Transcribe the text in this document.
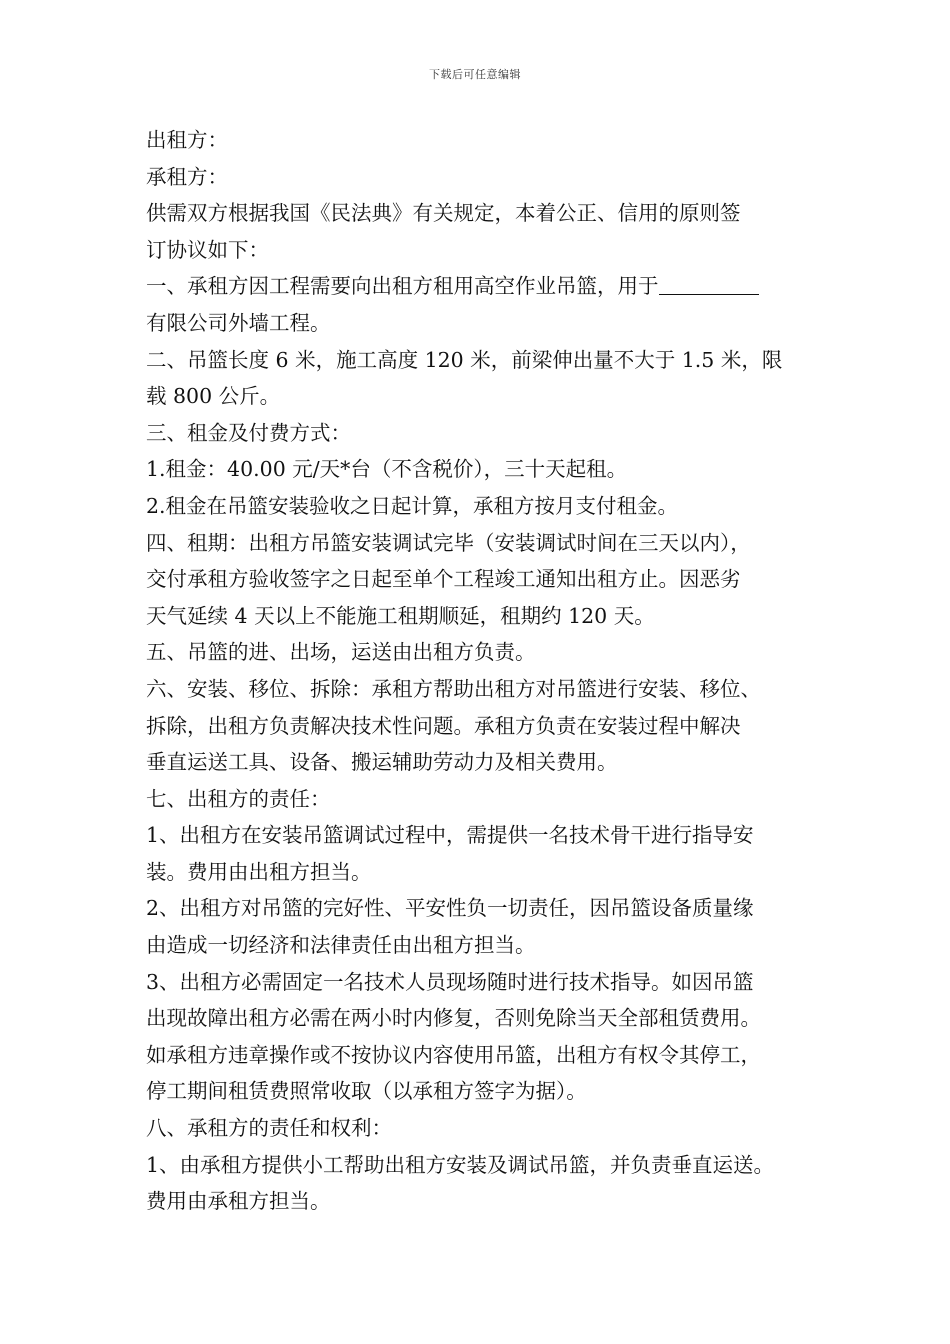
下载后可任意编辑
出租方：
承租方：
供需双方根据我国《民法典》有关规定，本着公正、信用的原则签
订协议如下：
一、承租方因工程需要向出租方租用高空作业吊篮，用于
有限公司外墙工程。
二、吊篮长度 6 米，施工高度 120 米，前梁伸出量不大于 1.5 米，限
载 800 公斤。
三、租金及付费方式：
1.租金：40.00 元/天*台（不含税价），三十天起租。
2.租金在吊篮安装验收之日起计算，承租方按月支付租金。
四、租期：出租方吊篮安装调试完毕（安装调试时间在三天以内），
交付承租方验收签字之日起至单个工程竣工通知出租方止。因恶劣
天气延续 4 天以上不能施工租期顺延，租期约 120 天。
五、吊篮的进、出场，运送由出租方负责。
六、安装、移位、拆除：承租方帮助出租方对吊篮进行安装、移位、
拆除，出租方负责解决技术性问题。承租方负责在安装过程中解决
垂直运送工具、设备、搬运辅助劳动力及相关费用。
七、出租方的责任：
1、出租方在安装吊篮调试过程中，需提供一名技术骨干进行指导安
装。费用由出租方担当。
2、出租方对吊篮的完好性、平安性负一切责任，因吊篮设备质量缘
由造成一切经济和法律责任由出租方担当。
3、出租方必需固定一名技术人员现场随时进行技术指导。如因吊篮
出现故障出租方必需在两小时内修复，否则免除当天全部租赁费用。
如承租方违章操作或不按协议内容使用吊篮，出租方有权令其停工，
停工期间租赁费照常收取（以承租方签字为据）。
八、承租方的责任和权利：
1、由承租方提供小工帮助出租方安装及调试吊篮，并负责垂直运送。
费用由承租方担当。
